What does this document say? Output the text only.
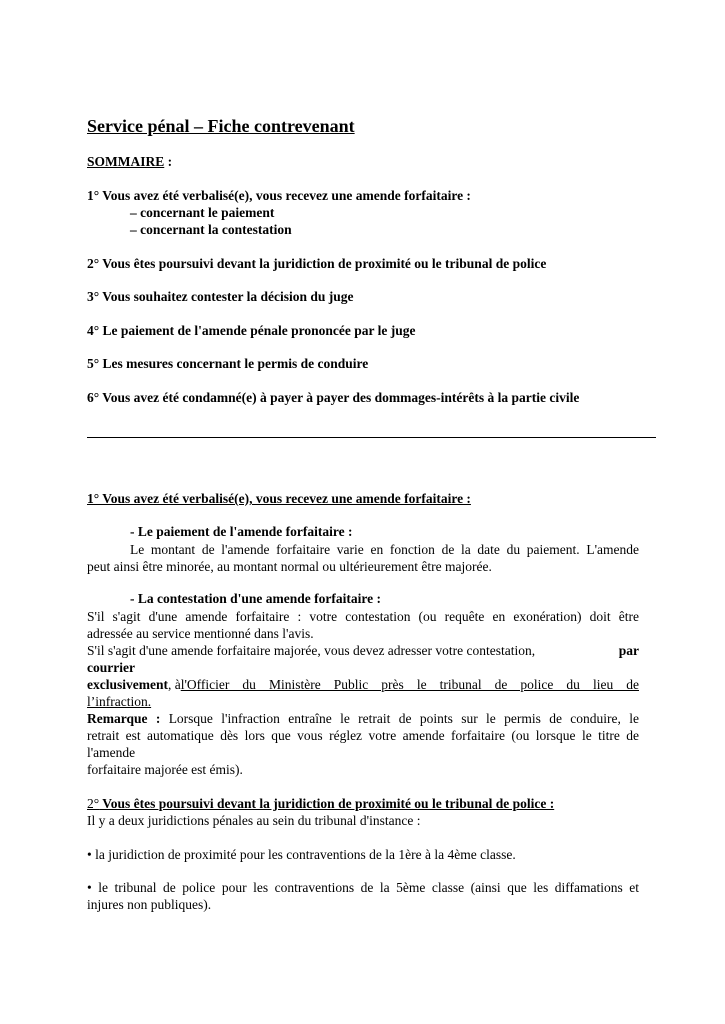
Service pénal – Fiche contrevenant
SOMMAIRE :
1° Vous avez été verbalisé(e), vous recevez une amende forfaitaire :
– concernant le paiement
– concernant la contestation
2° Vous êtes poursuivi devant la juridiction de proximité ou le tribunal de police
3° Vous souhaitez contester la décision du juge
4° Le paiement de l'amende pénale prononcée par le juge
5° Les mesures concernant le permis de conduire
6° Vous avez été condamné(e) à payer à payer des dommages-intérêts à la partie civile
1° Vous avez été verbalisé(e), vous recevez une amende forfaitaire :
- Le paiement de l'amende forfaitaire :
Le montant de l'amende forfaitaire varie en fonction de la date du paiement. L'amende
peut ainsi être minorée, au montant normal ou ultérieurement être majorée.
- La contestation d'une amende forfaitaire :
S'il s'agit d'une amende forfaitaire : votre contestation (ou requête en exonération) doit être
adressée au service mentionné dans l'avis.
S'il s'agit d'une amende forfaitaire majorée, vous devez adresser votre contestation,	par
courrier
exclusivement , à l'Officier du Ministère Public près le tribunal de police du lieu de
l’infraction.
Remarque : Lorsque l'infraction entraîne le retrait de points sur le permis de conduire, le
retrait est automatique dès lors que vous réglez votre amende forfaitaire (ou lorsque le titre de
l'amende
forfaitaire majorée est émis).
2° Vous êtes poursuivi devant la juridiction de proximité ou le tribunal de police :
Il y a deux juridictions pénales au sein du tribunal d'instance :
• la juridiction de proximité pour les contraventions de la 1ère à la 4ème classe.
• le tribunal de police pour les contraventions de la 5ème classe (ainsi que les diffamations et
injures non publiques).
